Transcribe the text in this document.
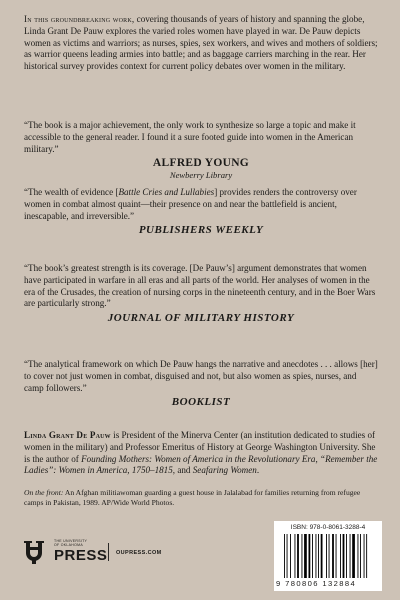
In this groundbreaking work, covering thousands of years of history and spanning the globe, Linda Grant De Pauw explores the varied roles women have played in war. De Pauw depicts women as victims and warriors; as nurses, spies, sex workers, and wives and mothers of soldiers; as warrior queens leading armies into battle; and as baggage carriers marching in the rear. Her historical survey provides context for current policy debates over women in the military.

“The book is a major achievement, the only work to synthesize so large a topic and make it accessible to the general reader. I found it a sure footed guide into women in the American military.”

ALFRED YOUNG
Newberry Library

“The wealth of evidence [Battle Cries and Lullabies] provides renders the controversy over women in combat almost quaint—their presence on and near the battlefield is ancient, inescapable, and irreversible.”

PUBLISHERS WEEKLY

“The book’s greatest strength is its coverage. [De Pauw’s] argument demonstrates that women have participated in warfare in all eras and all parts of the world. Her analyses of women in the era of the Crusades, the creation of nursing corps in the nineteenth century, and in the Boer Wars are particularly strong.”

JOURNAL OF MILITARY HISTORY

“The analytical framework on which De Pauw hangs the narrative and anecdotes . . . allows [her] to cover not just women in combat, disguised and not, but also women as spies, nurses, and camp followers.”

BOOKLIST

Linda Grant De Pauw is President of the Minerva Center (an institution dedicated to studies of women in the military) and Professor Emeritus of History at George Washington University. She is the author of Founding Mothers: Women of America in the Revolutionary Era, “Remember the Ladies”: Women in America, 1750–1815, and Seafaring Women.

On the front: An Afghan militiawoman guarding a guest house in Jalalabad for families returning from refugee camps in Pakistan, 1989. AP/Wide World Photos.

THE UNIVERSITY OF OKLAHOMA
PRESS OUPRESS.COM
ISBN: 978-0-8061-3288-4
9 780806 132884
